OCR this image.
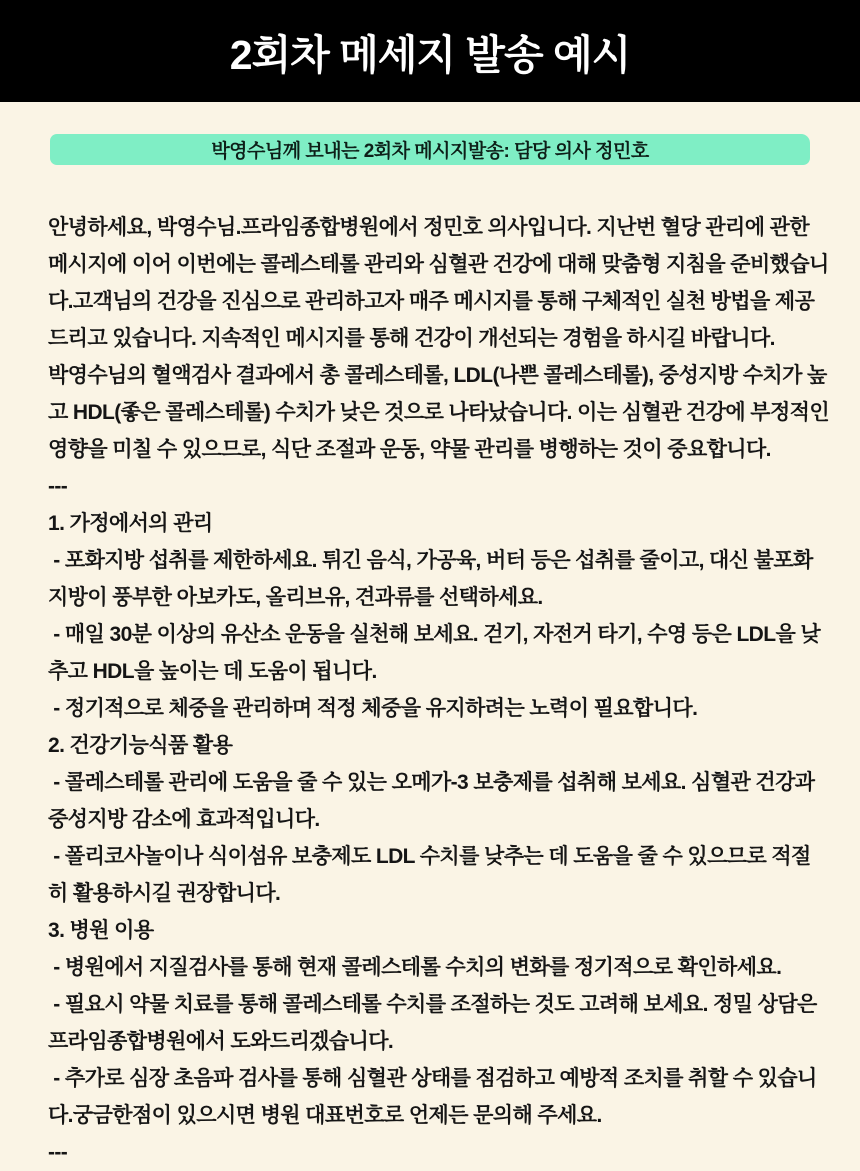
2회차 메세지 발송 예시
박영수님께 보내는 2회차 메시지발송: 담당 의사 정민호

안녕하세요, 박영수님.프라임종합병원에서 정민호 의사입니다. 지난번 혈당 관리에 관한 메시지에 이어 이번에는 콜레스테롤 관리와 심혈관 건강에 대해 맞춤형 지침을 준비했습니다.고객님의 건강을 진심으로 관리하고자 매주 메시지를 통해 구체적인 실천 방법을 제공드리고 있습니다. 지속적인 메시지를 통해 건강이 개선되는 경험을 하시길 바랍니다.

박영수님의 혈액검사 결과에서 총 콜레스테롤, LDL(나쁜 콜레스테롤), 중성지방 수치가 높고 HDL(좋은 콜레스테롤) 수치가 낮은 것으로 나타났습니다. 이는 심혈관 건강에 부정적인 영향을 미칠 수 있으므로, 식단 조절과 운동, 약물 관리를 병행하는 것이 중요합니다.

---

1. 가정에서의 관리

- 포화지방 섭취를 제한하세요. 튀긴 음식, 가공육, 버터 등은 섭취를 줄이고, 대신 불포화지방이 풍부한 아보카도, 올리브유, 견과류를 선택하세요.

- 매일 30분 이상의 유산소 운동을 실천해 보세요. 걷기, 자전거 타기, 수영 등은 LDL을 낮추고 HDL을 높이는 데 도움이 됩니다.

- 정기적으로 체중을 관리하며 적정 체중을 유지하려는 노력이 필요합니다.

2. 건강기능식품 활용

- 콜레스테롤 관리에 도움을 줄 수 있는 오메가-3 보충제를 섭취해 보세요. 심혈관 건강과 중성지방 감소에 효과적입니다.

- 폴리코사놀이나 식이섬유 보충제도 LDL 수치를 낮추는 데 도움을 줄 수 있으므로 적절히 활용하시길 권장합니다.

3. 병원 이용

- 병원에서 지질검사를 통해 현재 콜레스테롤 수치의 변화를 정기적으로 확인하세요.

- 필요시 약물 치료를 통해 콜레스테롤 수치를 조절하는 것도 고려해 보세요. 정밀 상담은 프라임종합병원에서 도와드리겠습니다.

- 추가로 심장 초음파 검사를 통해 심혈관 상태를 점검하고 예방적 조치를 취할 수 있습니다.궁금한점이 있으시면 병원 대표번호로 언제든 문의해 주세요.

---
